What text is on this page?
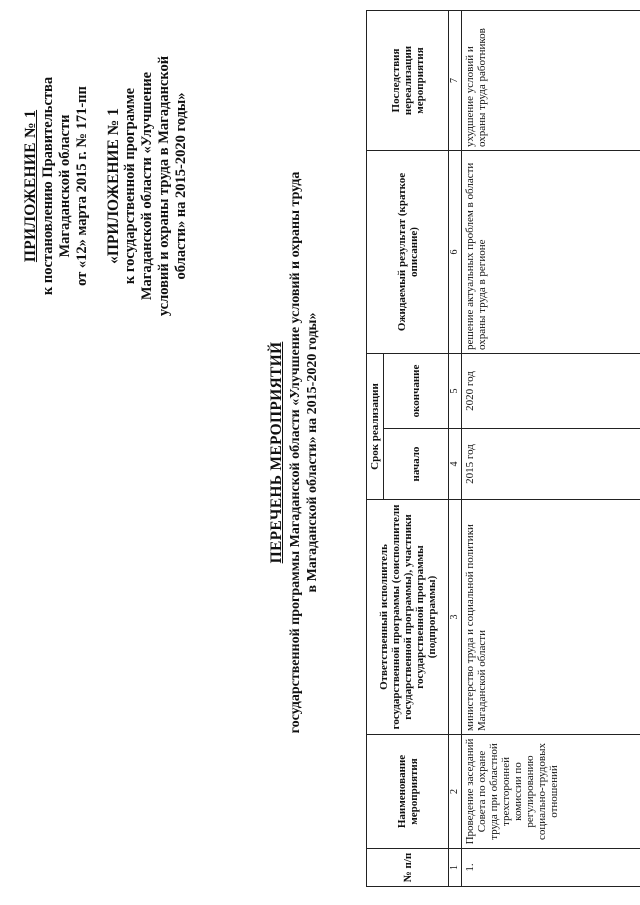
ПРИЛОЖЕНИЕ № 1 к постановлению Правительства Магаданской области от «12» марта 2015 г. № 171-пп «ПРИЛОЖЕНИЕ № 1 к государственной программе Магаданской области «Улучшение условий и охраны труда в Магаданской области» на 2015-2020 годы»
ПЕРЕЧЕНЬ МЕРОПРИЯТИЙ государственной программы Магаданской области «Улучшение условий и охраны труда в Магаданской области» на 2015-2020 годы»
№ п/п	Наименование мероприятия	Ответственный исполнитель государственной программы (соисполнители государственной программы), участники государственной программы (подпрограммы)	Срок реализации		Ожидаемый результат (краткое описание)	Последствия нереализации мероприятия
			начало	окончание		
1	2	3	4	5	6	7
1.	Проведение заседаний Совета по охране труда при областной трехсторонней комиссии по регулированию социально-трудовых отношений	министерство труда и социальной политики Магаданской области	2015 год	2020 год	решение актуальных проблем в области охраны труда в регионе	ухудшение условий и охраны труда работников
